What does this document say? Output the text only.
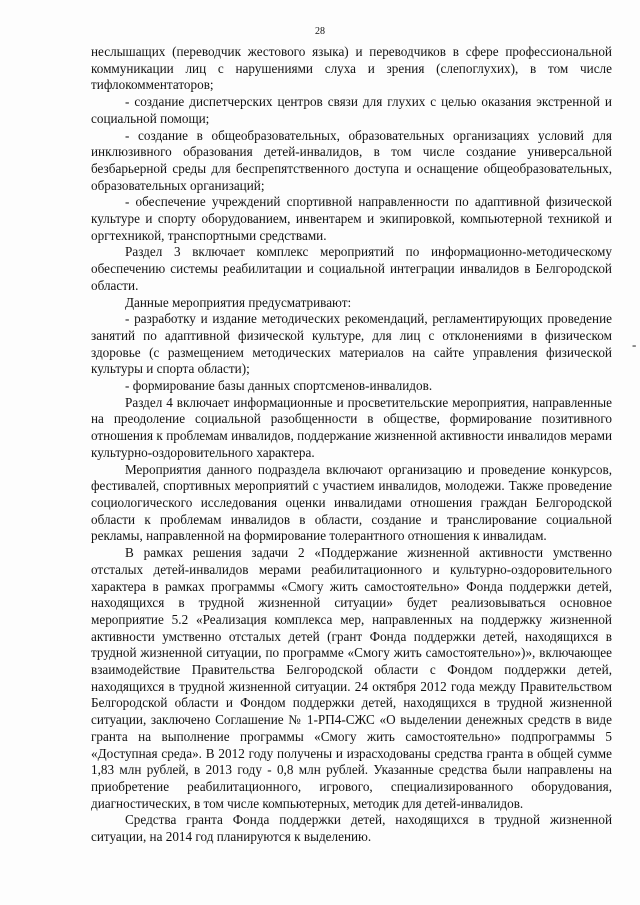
28

неслышащих (переводчик жестового языка) и переводчиков в сфере профессиональной коммуникации лиц с нарушениями слуха и зрения (слепоглухих), в том числе тифлокомментаторов;

- создание диспетчерских центров связи для глухих с целью оказания экстренной и социальной помощи;

- создание в общеобразовательных, образовательных организациях условий для инклюзивного образования детей-инвалидов, в том числе создание универсальной безбарьерной среды для беспрепятственного доступа и оснащение общеобразовательных, образовательных организаций;

- обеспечение учреждений спортивной направленности по адаптивной физической культуре и спорту оборудованием, инвентарем и экипировкой, компьютерной техникой и оргтехникой, транспортными средствами.

Раздел 3 включает комплекс мероприятий по информационно-методическому обеспечению системы реабилитации и социальной интеграции инвалидов в Белгородской области.

Данные мероприятия предусматривают:

- разработку и издание методических рекомендаций, регламентирующих проведение занятий по адаптивной физической культуре, для лиц с отклонениями в физическом здоровье (с размещением методических материалов на сайте управления физической культуры и спорта области);

- формирование базы данных спортсменов-инвалидов.

Раздел 4 включает информационные и просветительские мероприятия, направленные на преодоление социальной разобщенности в обществе, формирование позитивного отношения к проблемам инвалидов, поддержание жизненной активности инвалидов мерами культурно-оздоровительного характера.

Мероприятия данного подраздела включают организацию и проведение конкурсов, фестивалей, спортивных мероприятий с участием инвалидов, молодежи. Также проведение социологического исследования оценки инвалидами отношения граждан Белгородской области к проблемам инвалидов в области, создание и транслирование социальной рекламы, направленной на формирование толерантного отношения к инвалидам.

В рамках решения задачи 2 «Поддержание жизненной активности умственно отсталых детей-инвалидов мерами реабилитационного и культурно-оздоровительного характера в рамках программы «Смогу жить самостоятельно» Фонда поддержки детей, находящихся в трудной жизненной ситуации» будет реализовываться основное мероприятие 5.2 «Реализация комплекса мер, направленных на поддержку жизненной активности умственно отсталых детей (грант Фонда поддержки детей, находящихся в трудной жизненной ситуации, по программе «Смогу жить самостоятельно»)», включающее взаимодействие Правительства Белгородской области с Фондом поддержки детей, находящихся в трудной жизненной ситуации. 24 октября 2012 года между Правительством Белгородской области и Фондом поддержки детей, находящихся в трудной жизненной ситуации, заключено Соглашение № 1-РП4-СЖС «О выделении денежных средств в виде гранта на выполнение программы «Смогу жить самостоятельно» подпрограммы 5 «Доступная среда». В 2012 году получены и израсходованы средства гранта в общей сумме 1,83 млн рублей, в 2013 году - 0,8 млн рублей. Указанные средства были направлены на приобретение реабилитационного, игрового, специализированного оборудования, диагностических, в том числе компьютерных, методик для детей-инвалидов.

Средства гранта Фонда поддержки детей, находящихся в трудной жизненной ситуации, на 2014 год планируются к выделению.

-
